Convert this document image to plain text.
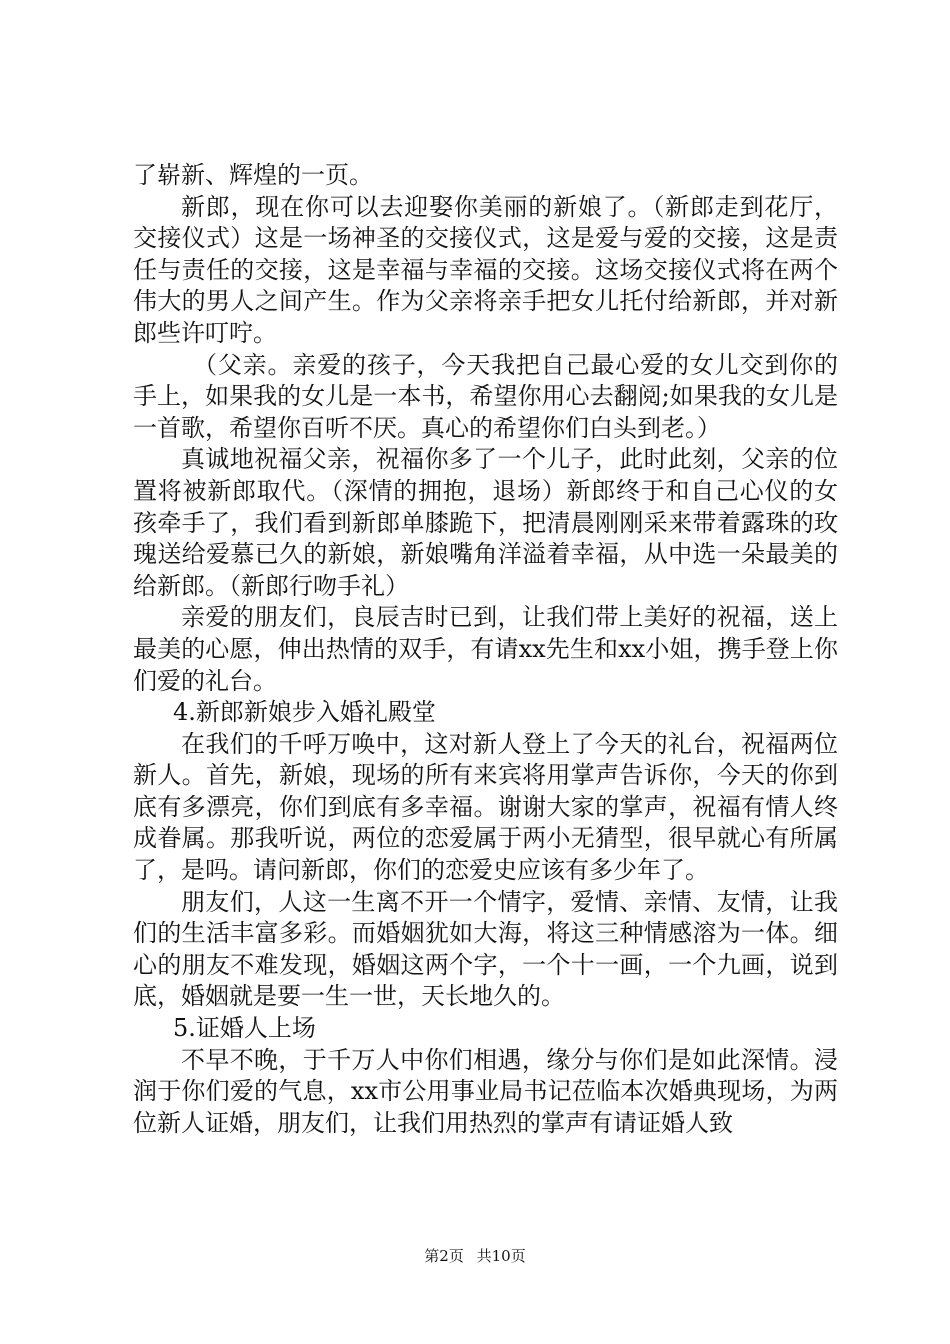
了崭新、辉煌的一页。

新郎，现在你可以去迎娶你美丽的新娘了。（新郎走到花厅，交接仪式）这是一场神圣的交接仪式，这是爱与爱的交接，这是责任与责任的交接，这是幸福与幸福的交接。这场交接仪式将在两个伟大的男人之间产生。作为父亲将亲手把女儿托付给新郎，并对新郎些许叮咛。

（父亲。亲爱的孩子，今天我把自己最心爱的女儿交到你的手上，如果我的女儿是一本书，希望你用心去翻阅;如果我的女儿是一首歌，希望你百听不厌。真心的希望你们白头到老。）

真诚地祝福父亲，祝福你多了一个儿子，此时此刻，父亲的位置将被新郎取代。（深情的拥抱，退场）新郎终于和自己心仪的女孩牵手了，我们看到新郎单膝跪下，把清晨刚刚采来带着露珠的玫瑰送给爱慕已久的新娘，新娘嘴角洋溢着幸福，从中选一朵最美的给新郎。（新郎行吻手礼）

亲爱的朋友们，良辰吉时已到，让我们带上美好的祝福，送上最美的心愿，伸出热情的双手，有请xx先生和xx小姐，携手登上你们爱的礼台。

4.新郎新娘步入婚礼殿堂

在我们的千呼万唤中，这对新人登上了今天的礼台，祝福两位新人。首先，新娘，现场的所有来宾将用掌声告诉你，今天的你到底有多漂亮，你们到底有多幸福。谢谢大家的掌声，祝福有情人终成眷属。那我听说，两位的恋爱属于两小无猜型，很早就心有所属了，是吗。请问新郎，你们的恋爱史应该有多少年了。

朋友们，人这一生离不开一个情字，爱情、亲情、友情，让我们的生活丰富多彩。而婚姻犹如大海，将这三种情感溶为一体。细心的朋友不难发现，婚姻这两个字，一个十一画，一个九画，说到底，婚姻就是要一生一世，天长地久的。

5.证婚人上场

不早不晚，于千万人中你们相遇，缘分与你们是如此深情。浸润于你们爱的气息，xx市公用事业局书记莅临本次婚典现场，为两位新人证婚，朋友们，让我们用热烈的掌声有请证婚人致

第2页 共10页
